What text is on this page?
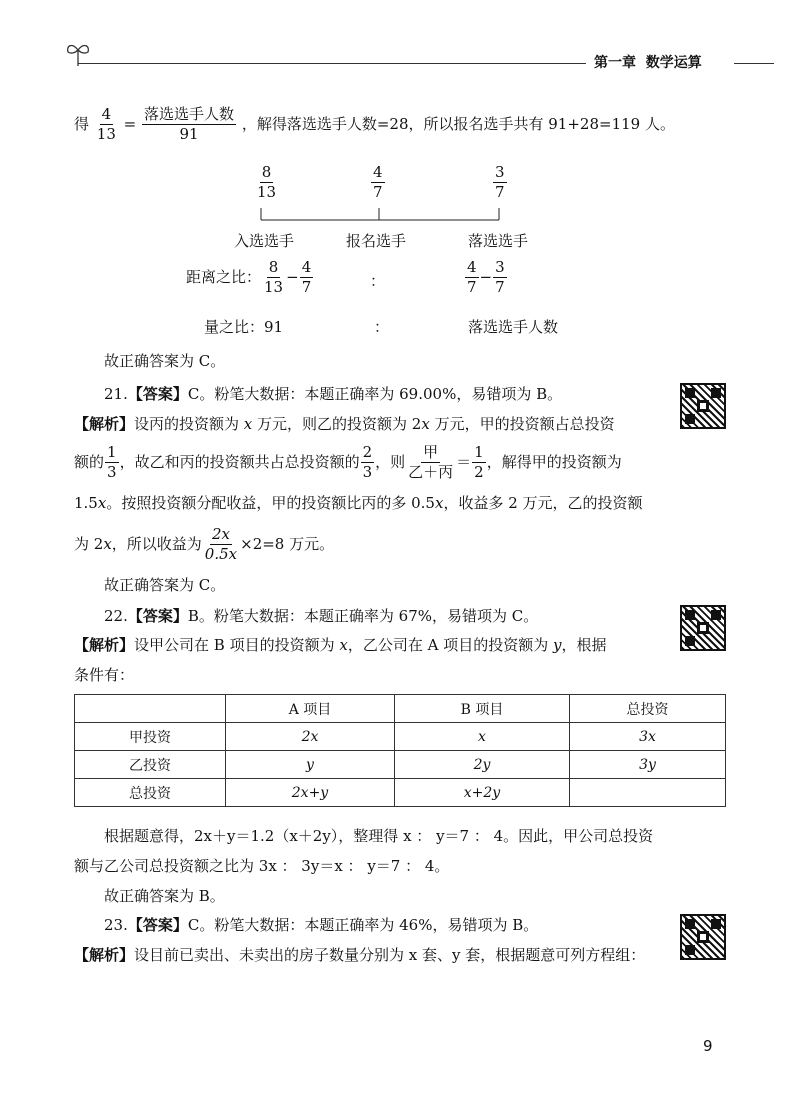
第一章 数学运算
得 $\frac{4}{13} = \frac{\text{落选选手人数}}{91}$ ，解得落选选手人数=28，所以报名选手共有 91+28=119 人。
$\frac{8}{13}$	$\frac{4}{7}$	$\frac{3}{7}$
入选选手	报名选手	落选选手
距离之比： $\frac{8}{13} - \frac{4}{7}$	：	$\frac{4}{7} - \frac{3}{7}$
量之比：91	：	落选选手人数
故正确答案为 C。
21.【答案】C。粉笔大数据：本题正确率为 69.00%，易错项为 B。
【解析】设丙的投资额为 x 万元，则乙的投资额为 2x 万元，甲的投资额占总投资
额的 $\frac{1}{3}$ ，故乙和丙的投资额共占总投资额的 $\frac{2}{3}$ ，则 $\frac{\text{甲}}{\text{乙＋丙}} = \frac{1}{2}$ ，解得甲的投资额为
1.5x。按照投资额分配收益，甲的投资额比丙的多 0.5x，收益多 2 万元，乙的投资额
为 2x，所以收益为 $\frac{2x}{0.5x} \times 2=8$ 万元。
故正确答案为 C。
22.【答案】B。粉笔大数据：本题正确率为 67%，易错项为 C。
【解析】设甲公司在 B 项目的投资额为 x，乙公司在 A 项目的投资额为 y，根据
条件有：
	A 项目	B 项目	总投资
甲投资	2x	x	3x
乙投资	y	2y	3y
总投资	2x+y	x+2y	
根据题意得，2x＋y＝1.2（x＋2y），整理得 x ： y＝7 ： 4。因此，甲公司总投资
额与乙公司总投资额之比为 3x ： 3y＝x ： y＝7 ： 4。
故正确答案为 B。
23.【答案】C。粉笔大数据：本题正确率为 46%，易错项为 B。
【解析】设目前已卖出、未卖出的房子数量分别为 x 套、y 套，根据题意可列方程组：
9
